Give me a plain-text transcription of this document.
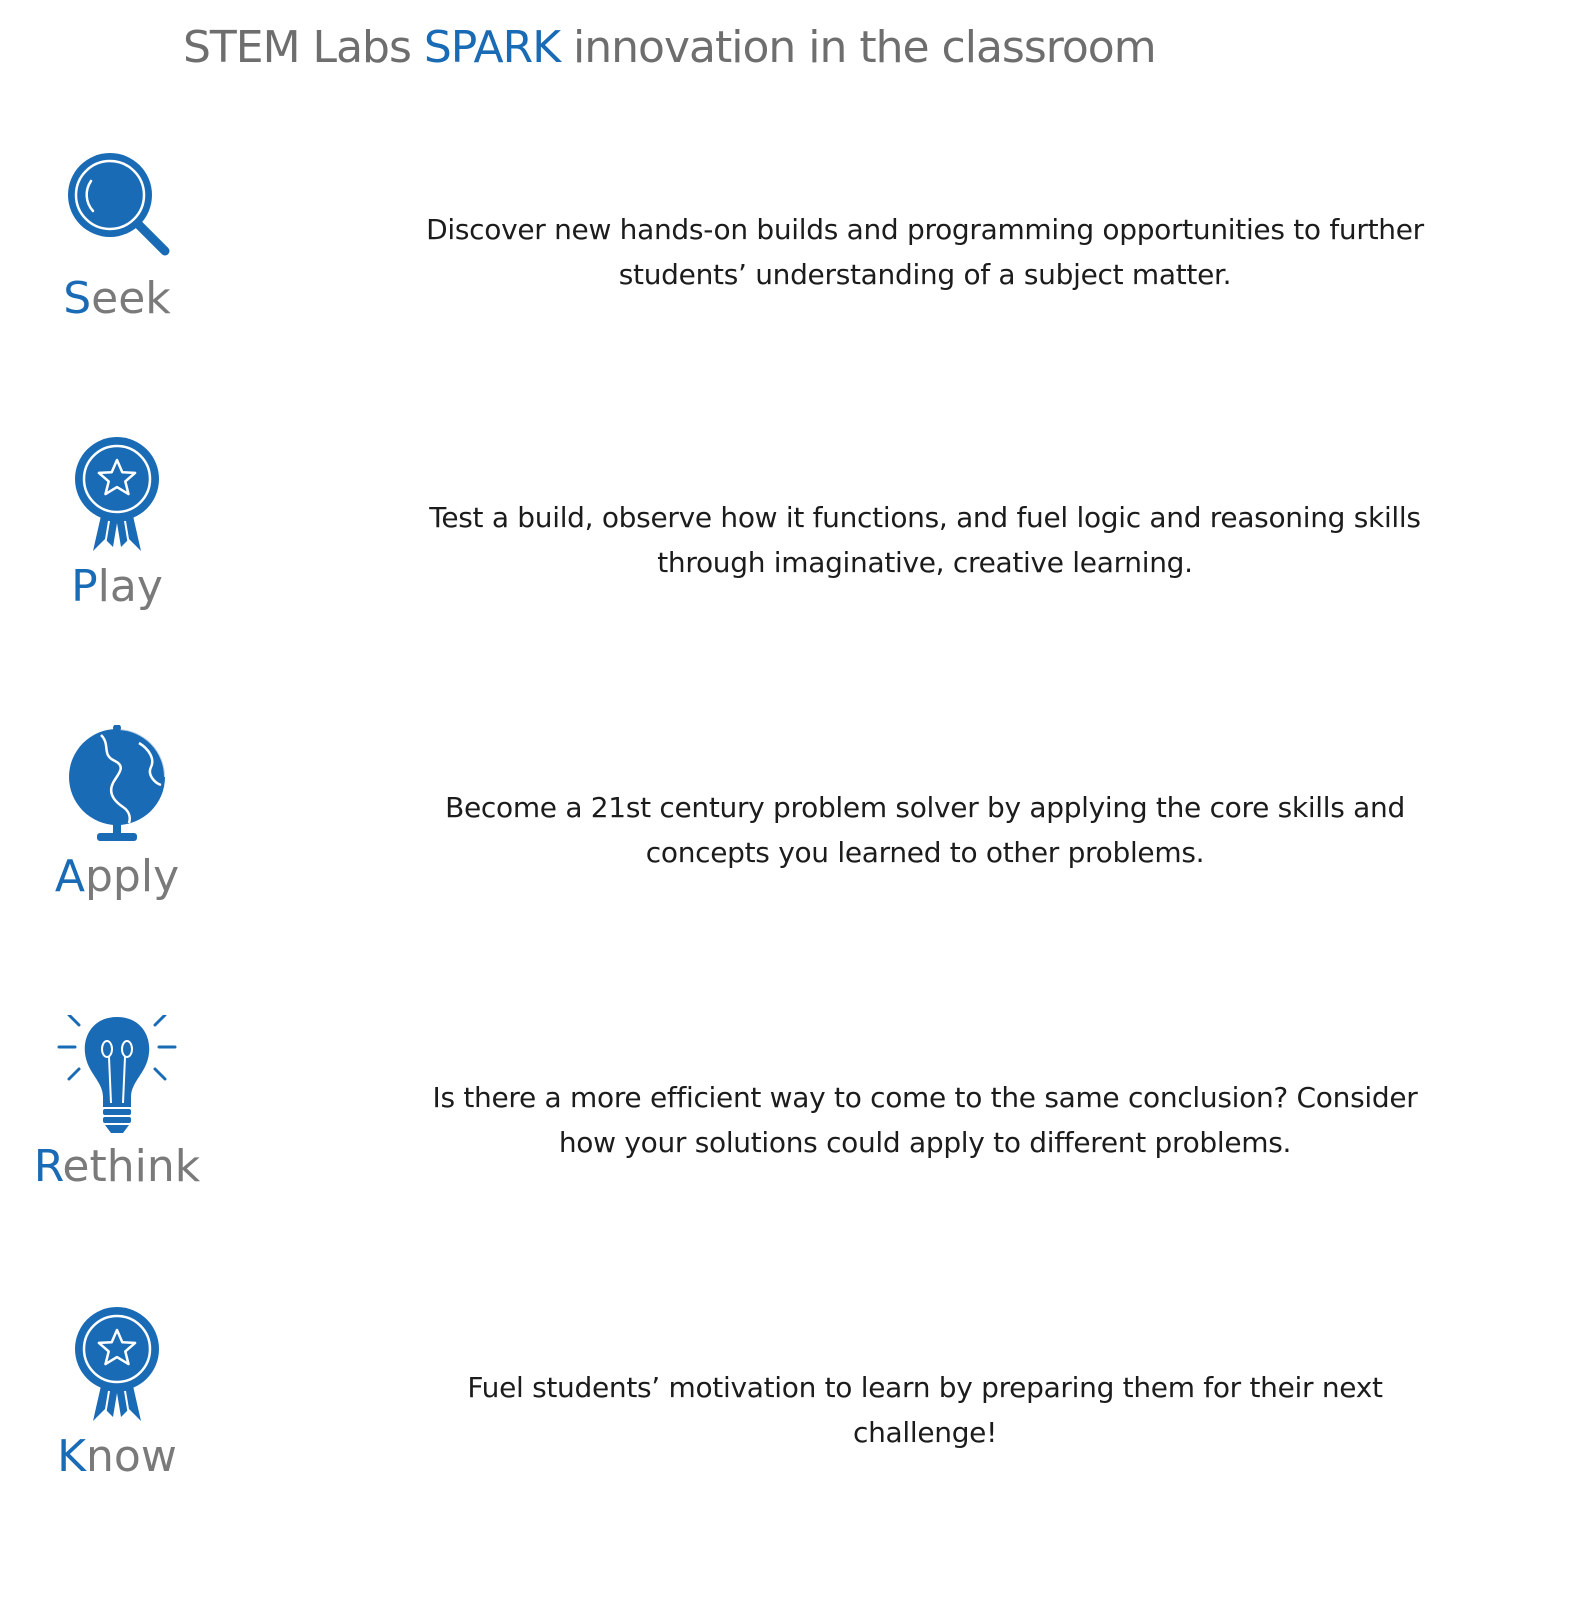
STEM Labs SPARK innovation in the classroom
Seek

Discover new hands-on builds and programming opportunities to further students’ understanding of a subject matter.

Play

Test a build, observe how it functions, and fuel logic and reasoning skills through imaginative, creative learning.

Apply

Become a 21st century problem solver by applying the core skills and concepts you learned to other problems.

Rethink

Is there a more efficient way to come to the same conclusion? Consider how your solutions could apply to different problems.

Know

Fuel students’ motivation to learn by preparing them for their next challenge!
